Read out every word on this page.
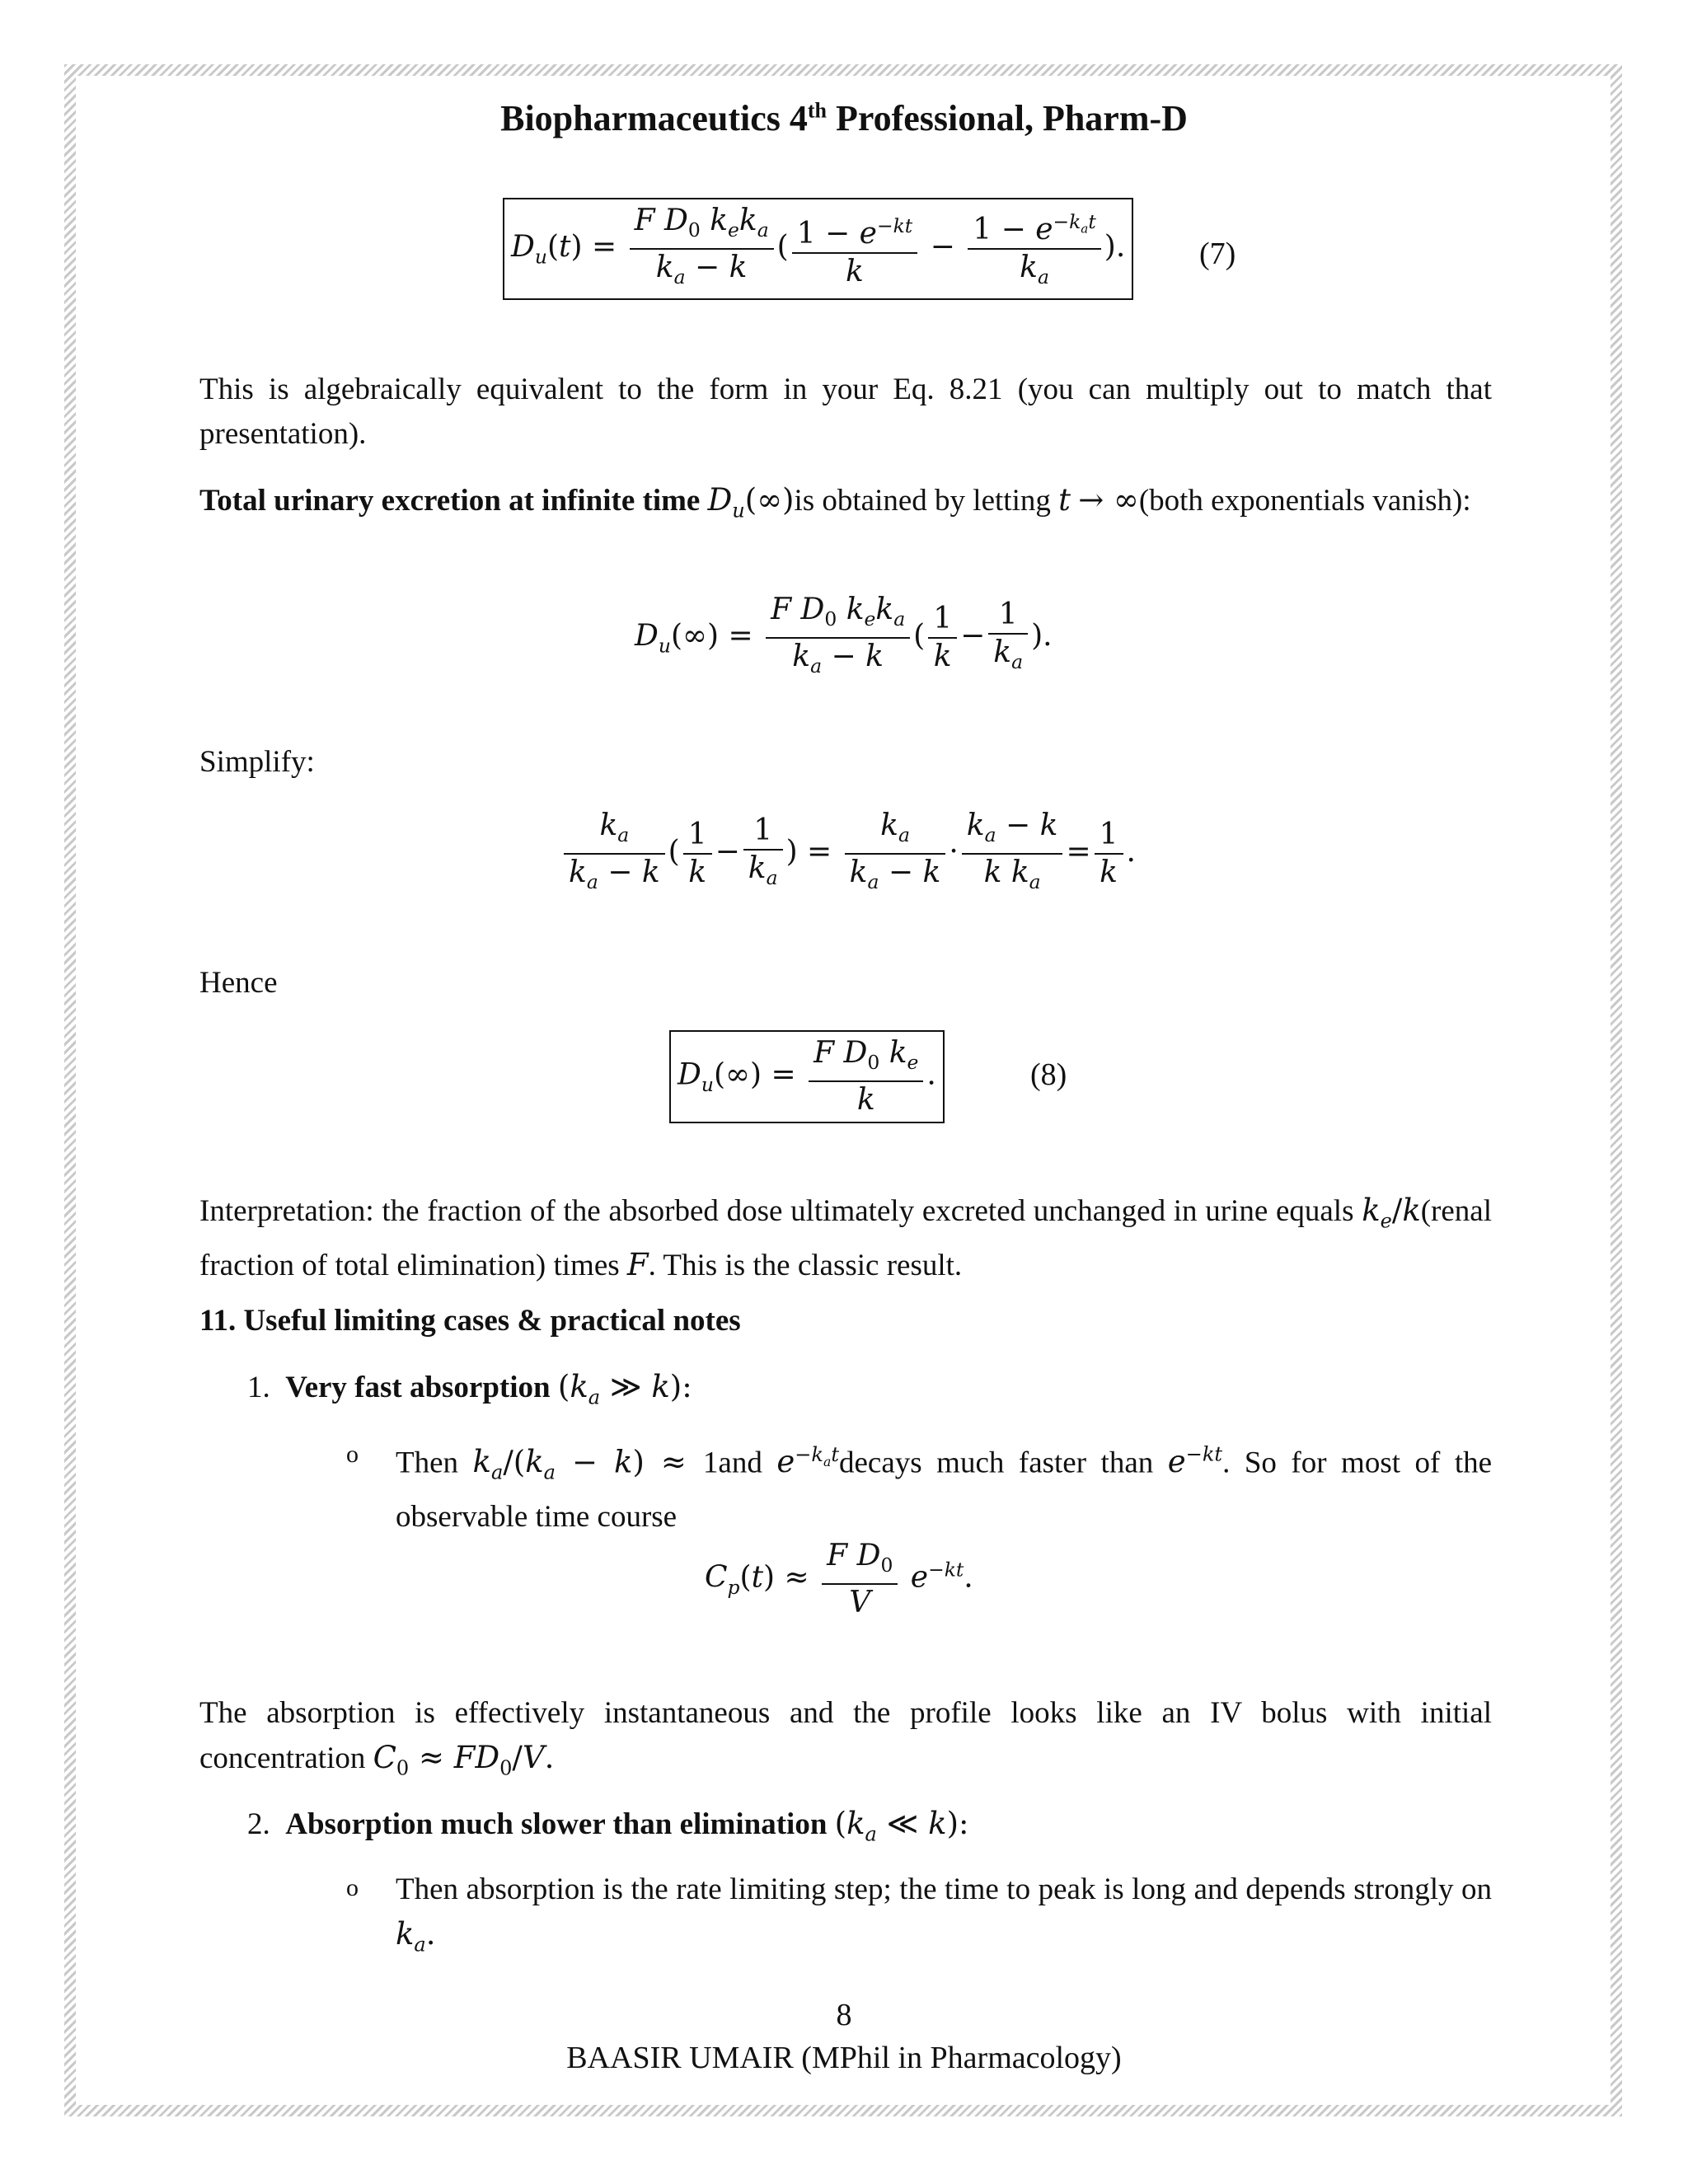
Biopharmaceutics 4th Professional, Pharm-D
$D_u(t) = \frac{F D_0 k_ek_a}{k_a - k}$ ( $\frac{1 - e^{-kt}}{k} - \frac{1 - e^{-k_at}}{k_a}$ ). (7)
This is algebraically equivalent to the form in your Eq. 8.21 (you can multiply out to match that presentation).
Total urinary excretion at infinite time $D_u(\infty)is$ obtained by letting t → ∞(both exponentials vanish):
$D_u(\infty) = \frac{F D_0 k_ek_a}{k_a - k}$ ( $\frac{1}{k} - \frac{1}{k_a}$ ).
Simplify:
$\frac{k_a}{k_a - k}$ ( $\frac{1}{k} - \frac{1}{k_a}$ ) = $\frac{k_a}{k_a - k} \cdot \frac{k_a - k}{k k_a} = \frac{1}{k}$ .
Hence
$D_u(\infty) = \frac{F D_0 k_e}{k}$ .	(8)
Interpretation: the fraction of the absorbed dose ultimately excreted unchanged in urine equals $k_e/k(renal$ fraction of total elimination) times F. This is the classic result.
11. Useful limiting cases & practical notes
1. Very fast absorption ($k_a$ ≫ k):
o Then $k_a/(k_a - k) \approx 1and$ $e^{-k_at}decays$ much faster than $e^{-kt}$. So for most of the observable time course
$C_p(t) \approx \frac{F D_0}{V} e^{-kt}$.
The absorption is effectively instantaneous and the profile looks like an IV bolus with initial concentration $C_0 \approx FD_0/V$.
2. Absorption much slower than elimination ($k_a$ ≪ k):
o Then absorption is the rate limiting step; the time to peak is long and depends strongly on $k_a$.
8
BAASIR UMAIR (MPhil in Pharmacology)
